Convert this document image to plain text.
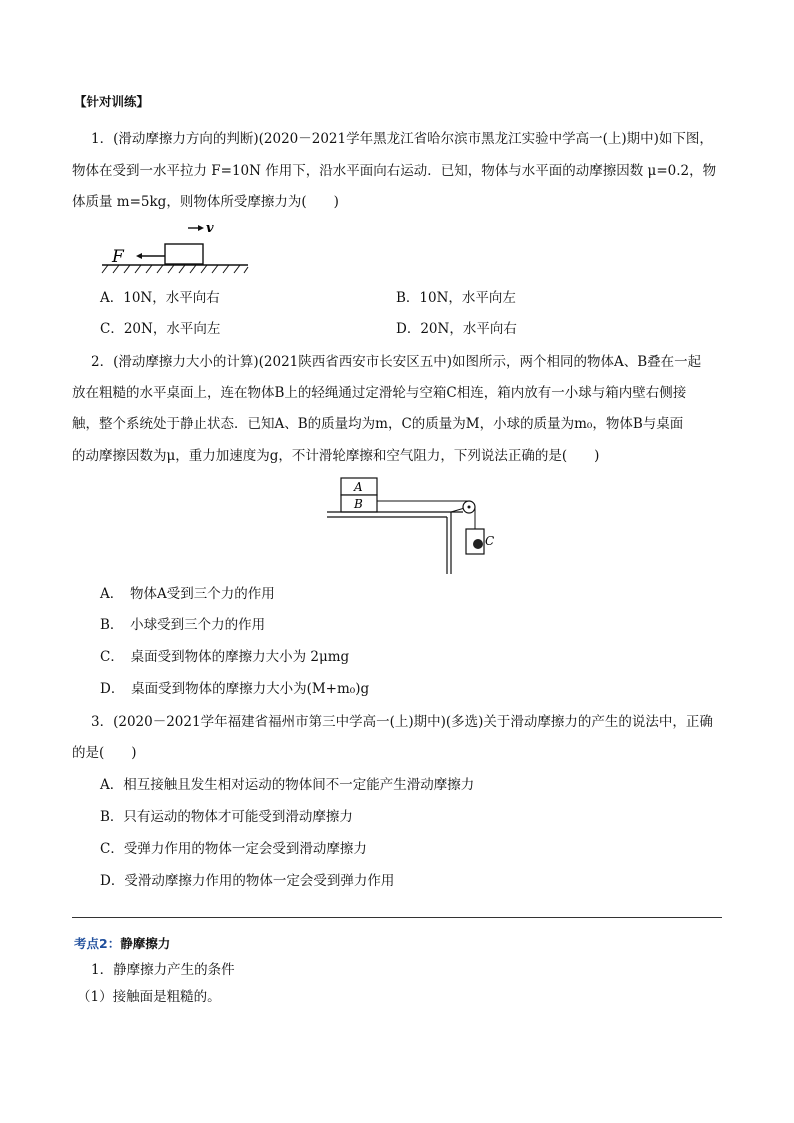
【针对训练】
1．(滑动摩擦力方向的判断)(2020－2021学年黑龙江省哈尔滨市黑龙江实验中学高一(上)期中)如下图，
物体在受到一水平拉力 F=10N 作用下，沿水平面向右运动．已知，物体与水平面的动摩擦因数 μ=0.2，物
体质量 m=5kg，则物体所受摩擦力为(　　)
v
F
A．10N，水平向右	B．10N，水平向左
C．20N，水平向左	D．20N，水平向右
2．(滑动摩擦力大小的计算)(2021陕西省西安市长安区五中)如图所示，两个相同的物体A、B叠在一起
放在粗糙的水平桌面上，连在物体B上的轻绳通过定滑轮与空箱C相连，箱内放有一小球与箱内壁右侧接
触，整个系统处于静止状态．已知A、B的质量均为m，C的质量为M，小球的质量为m₀，物体B与桌面
的动摩擦因数为μ，重力加速度为g，不计滑轮摩擦和空气阻力，下列说法正确的是(　　)
A
B
C
A．　物体A受到三个力的作用
B．　小球受到三个力的作用
C．　桌面受到物体的摩擦力大小为 2μmg
D．　桌面受到物体的摩擦力大小为(M+m₀)g
3．(2020－2021学年福建省福州市第三中学高一(上)期中)(多选)关于滑动摩擦力的产生的说法中，正确
的是(　　)
A．相互接触且发生相对运动的物体间不一定能产生滑动摩擦力
B．只有运动的物体才可能受到滑动摩擦力
C．受弹力作用的物体一定会受到滑动摩擦力
D．受滑动摩擦力作用的物体一定会受到弹力作用
考点2：静摩擦力
1．静摩擦力产生的条件
（1）接触面是粗糙的。
